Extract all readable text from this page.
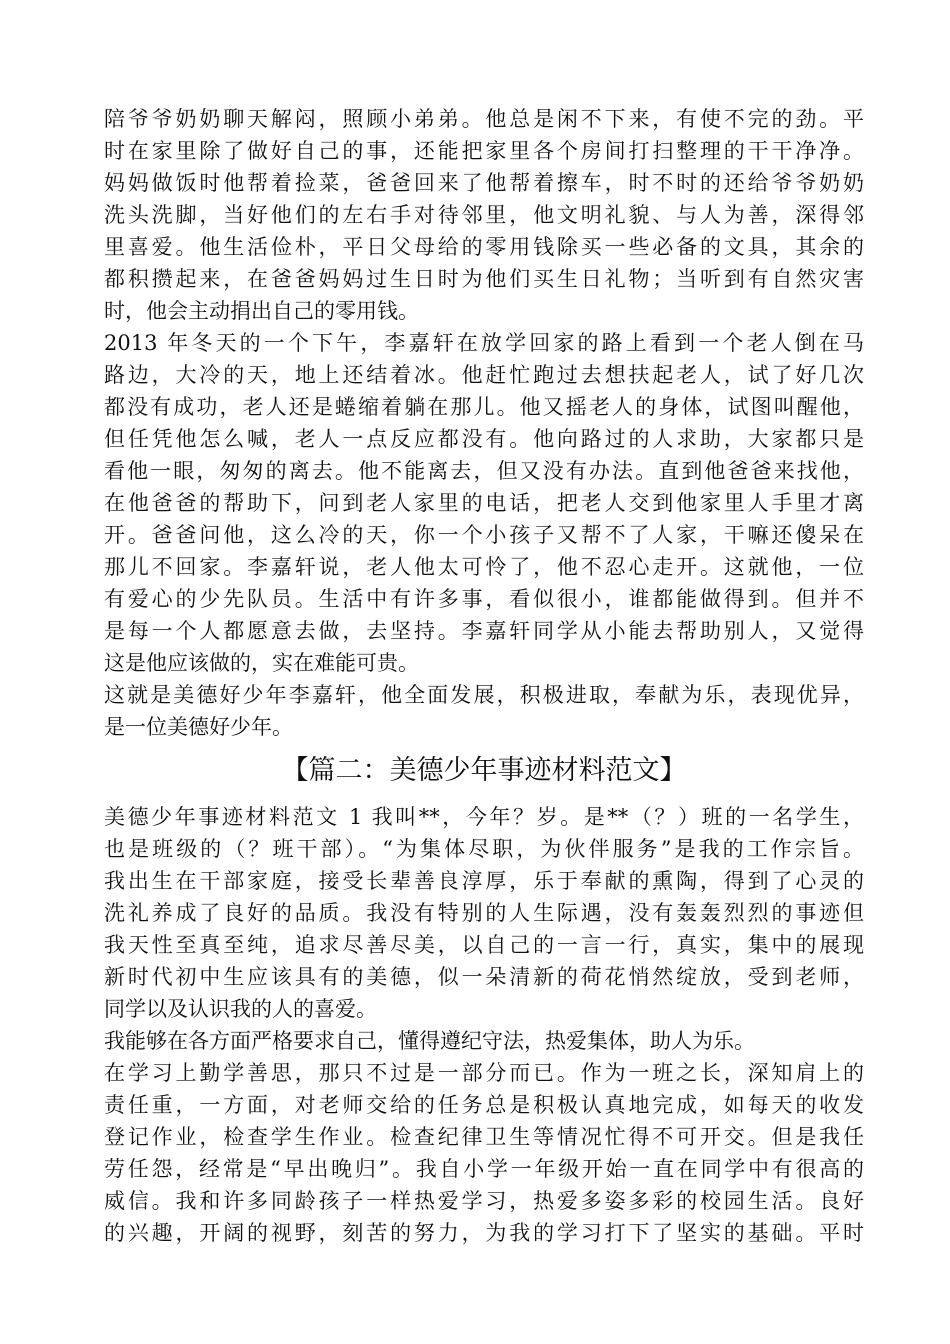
陪爷爷奶奶聊天解闷，照顾小弟弟。他总是闲不下来，有使不完的劲。平
时在家里除了做好自己的事，还能把家里各个房间打扫整理的干干净净。
妈妈做饭时他帮着捡菜，爸爸回来了他帮着擦车，时不时的还给爷爷奶奶
洗头洗脚，当好他们的左右手对待邻里，他文明礼貌、与人为善，深得邻
里喜爱。他生活俭朴，平日父母给的零用钱除买一些必备的文具，其余的
都积攒起来，在爸爸妈妈过生日时为他们买生日礼物；当听到有自然灾害
时，他会主动捐出自己的零用钱。
2013 年冬天的一个下午，李嘉轩在放学回家的路上看到一个老人倒在马
路边，大冷的天，地上还结着冰。他赶忙跑过去想扶起老人，试了好几次
都没有成功，老人还是蜷缩着躺在那儿。他又摇老人的身体，试图叫醒他，
但任凭他怎么喊，老人一点反应都没有。他向路过的人求助，大家都只是
看他一眼，匆匆的离去。他不能离去，但又没有办法。直到他爸爸来找他，
在他爸爸的帮助下，问到老人家里的电话，把老人交到他家里人手里才离
开。爸爸问他，这么冷的天，你一个小孩子又帮不了人家，干嘛还傻呆在
那儿不回家。李嘉轩说，老人他太可怜了，他不忍心走开。这就他，一位
有爱心的少先队员。生活中有许多事，看似很小，谁都能做得到。但并不
是每一个人都愿意去做，去坚持。李嘉轩同学从小能去帮助别人，又觉得
这是他应该做的，实在难能可贵。
这就是美德好少年李嘉轩，他全面发展，积极进取，奉献为乐，表现优异，
是一位美德好少年。
【篇二：美德少年事迹材料范文】
美德少年事迹材料范文 1 我叫**，今年？岁。是**（？）班的一名学生，
也是班级的（？班干部）。“为集体尽职，为伙伴服务”是我的工作宗旨。
我出生在干部家庭，接受长辈善良淳厚，乐于奉献的熏陶，得到了心灵的
洗礼养成了良好的品质。我没有特别的人生际遇，没有轰轰烈烈的事迹但
我天性至真至纯，追求尽善尽美，以自己的一言一行，真实，集中的展现
新时代初中生应该具有的美德，似一朵清新的荷花悄然绽放，受到老师，
同学以及认识我的人的喜爱。
我能够在各方面严格要求自己，懂得遵纪守法，热爱集体，助人为乐。
在学习上勤学善思，那只不过是一部分而已。作为一班之长，深知肩上的
责任重，一方面，对老师交给的任务总是积极认真地完成，如每天的收发
登记作业，检查学生作业。检查纪律卫生等情况忙得不可开交。但是我任
劳任怨，经常是“早出晚归”。我自小学一年级开始一直在同学中有很高的
威信。我和许多同龄孩子一样热爱学习，热爱多姿多彩的校园生活。良好
的兴趣，开阔的视野，刻苦的努力，为我的学习打下了坚实的基础。平时
